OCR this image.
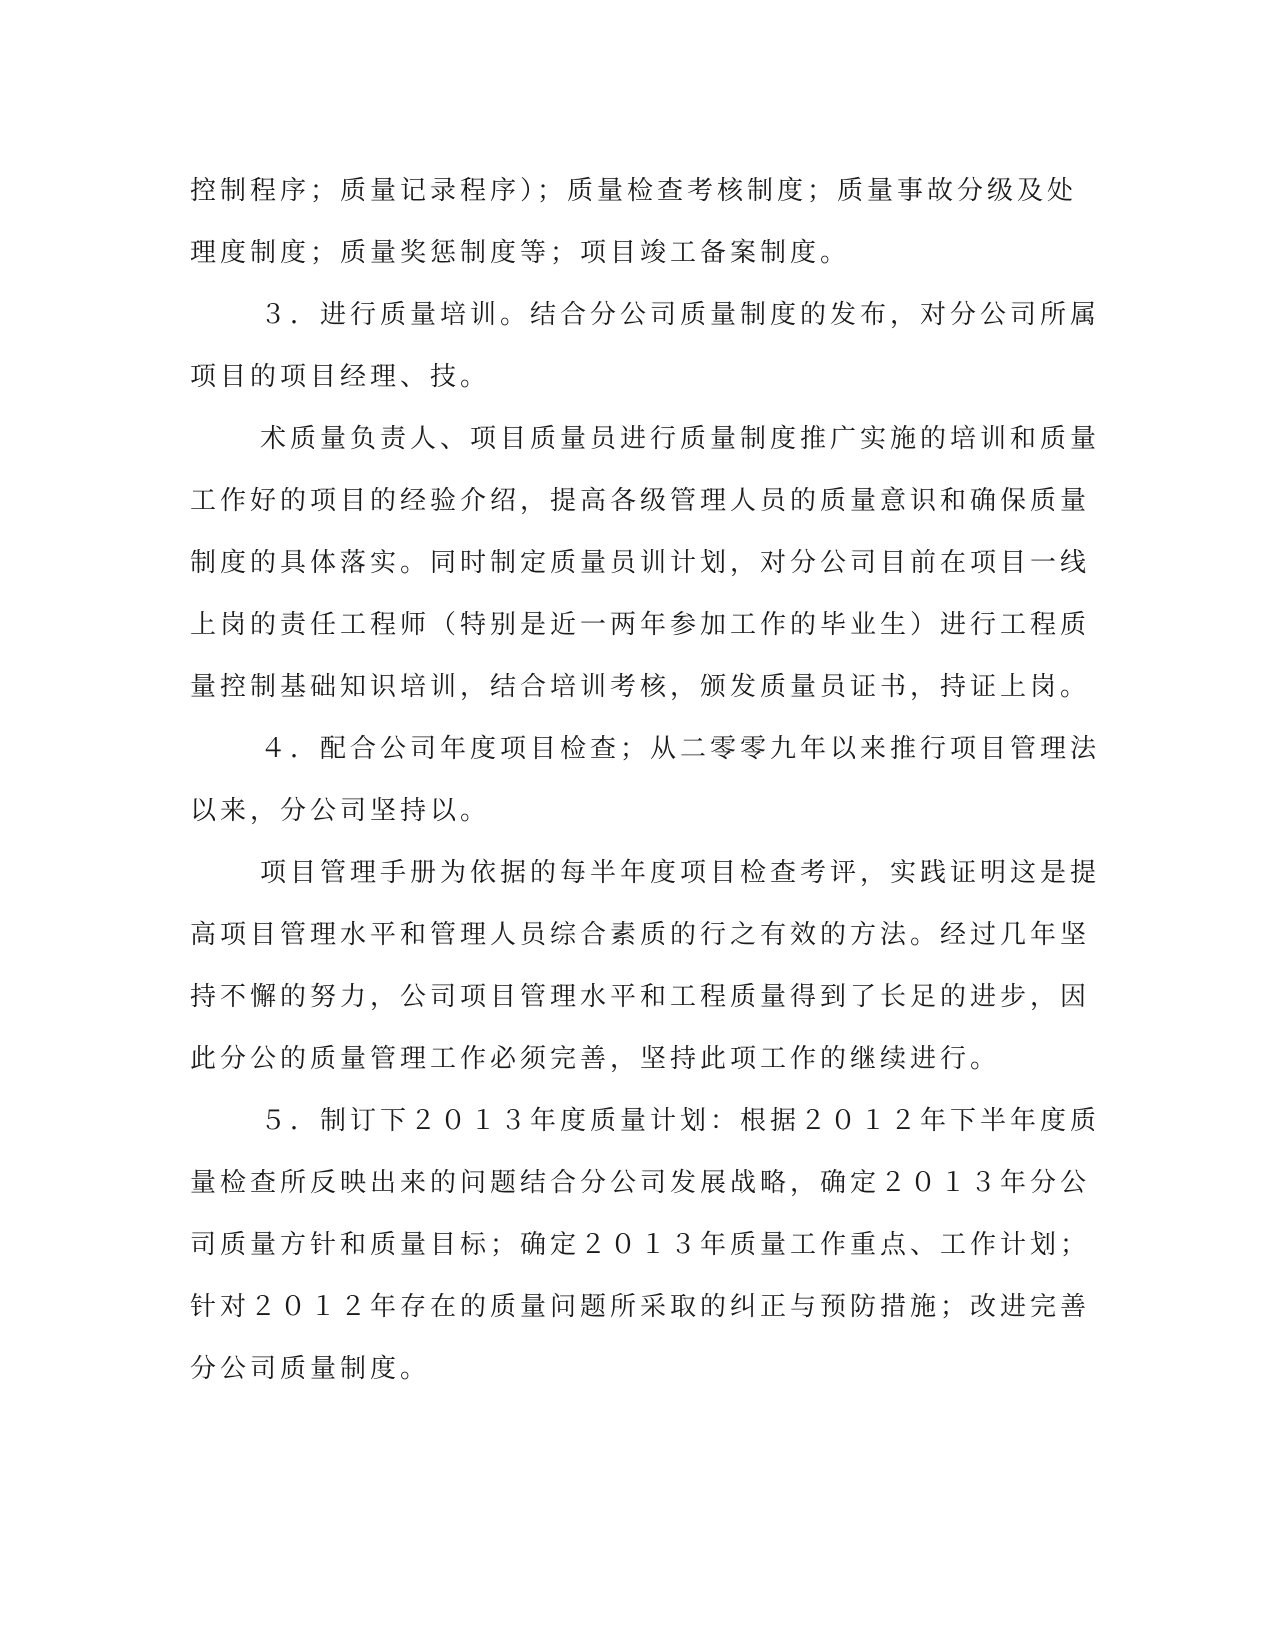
控制程序；质量记录程序）；质量检查考核制度；质量事故分级及处
理度制度；质量奖惩制度等；项目竣工备案制度。
３．进行质量培训。结合分公司质量制度的发布，对分公司所属
项目的项目经理、技。
术质量负责人、项目质量员进行质量制度推广实施的培训和质量
工作好的项目的经验介绍，提高各级管理人员的质量意识和确保质量
制度的具体落实。同时制定质量员训计划，对分公司目前在项目一线
上岗的责任工程师（特别是近一两年参加工作的毕业生）进行工程质
量控制基础知识培训，结合培训考核，颁发质量员证书，持证上岗。
４．配合公司年度项目检查；从二零零九年以来推行项目管理法
以来，分公司坚持以。
项目管理手册为依据的每半年度项目检查考评，实践证明这是提
高项目管理水平和管理人员综合素质的行之有效的方法。经过几年坚
持不懈的努力，公司项目管理水平和工程质量得到了长足的进步，因
此分公的质量管理工作必须完善，坚持此项工作的继续进行。
５．制订下２０１３年度质量计划：根据２０１２年下半年度质
量检查所反映出来的问题结合分公司发展战略，确定２０１３年分公
司质量方针和质量目标；确定２０１３年质量工作重点、工作计划；
针对２０１２年存在的质量问题所采取的纠正与预防措施；改进完善
分公司质量制度。
